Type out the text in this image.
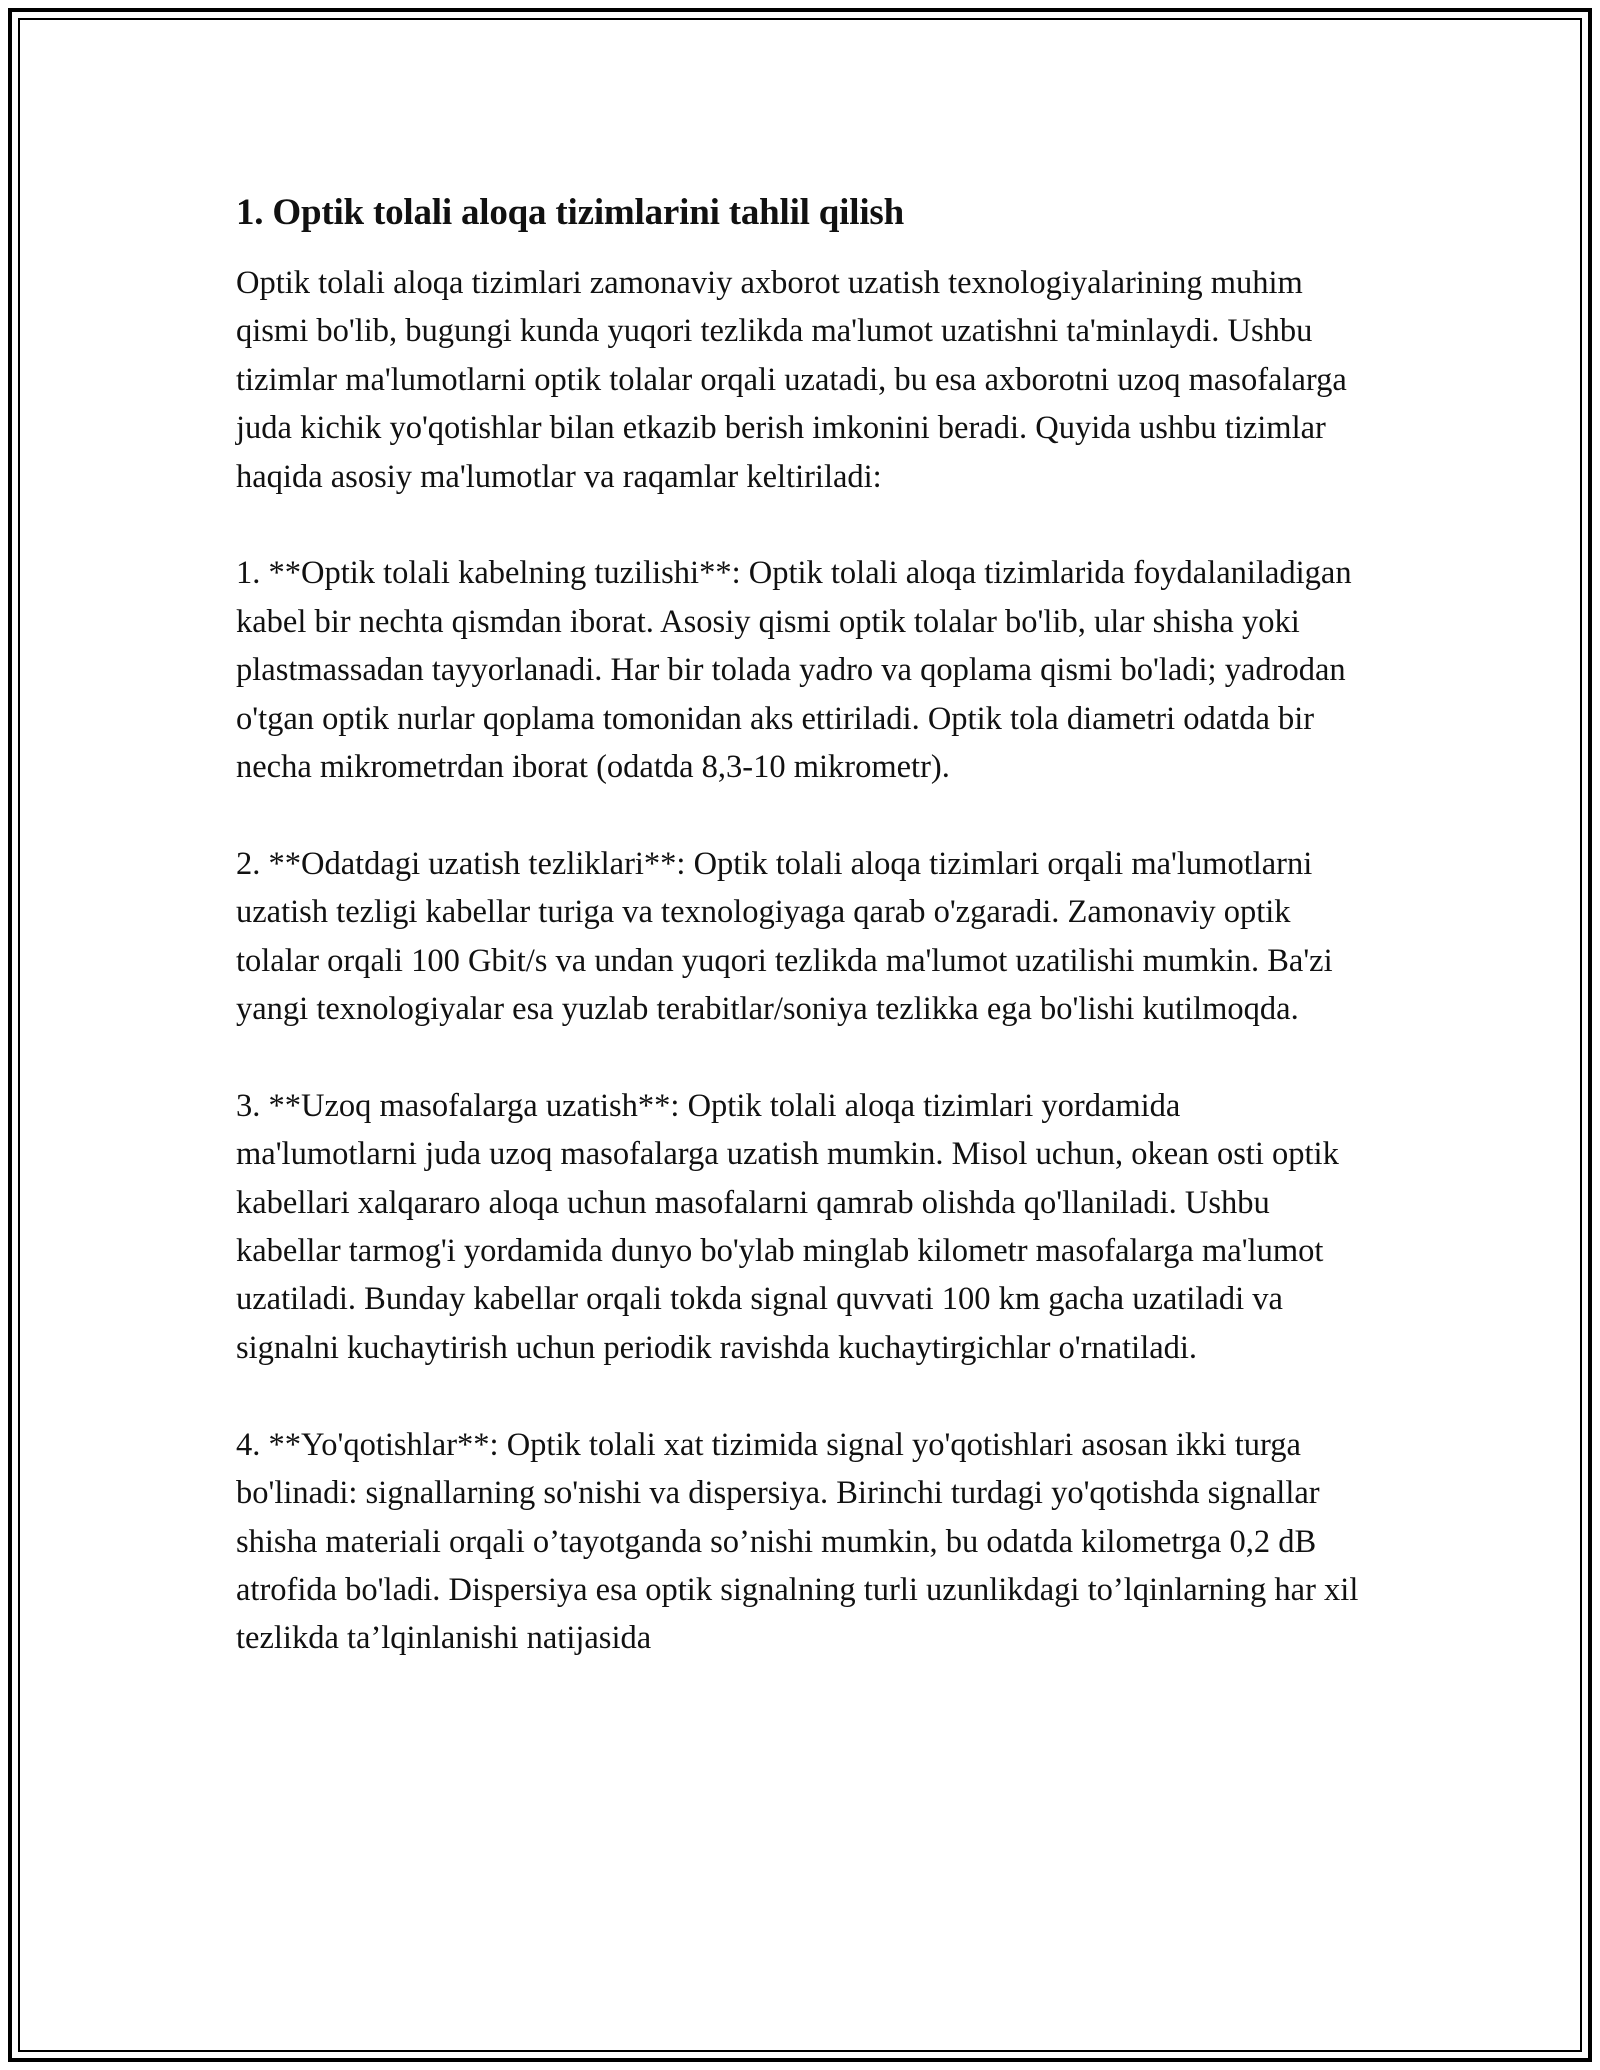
1. Optik tolali aloqa tizimlarini tahlil qilish

Optik tolali aloqa tizimlari zamonaviy axborot uzatish texnologiyalarining muhim qismi bo'lib, bugungi kunda yuqori tezlikda ma'lumot uzatishni ta'minlaydi. Ushbu tizimlar ma'lumotlarni optik tolalar orqali uzatadi, bu esa axborotni uzoq masofalarga juda kichik yo'qotishlar bilan etkazib berish imkonini beradi. Quyida ushbu tizimlar haqida asosiy ma'lumotlar va raqamlar keltiriladi:

1. **Optik tolali kabelning tuzilishi**: Optik tolali aloqa tizimlarida foydalaniladigan kabel bir nechta qismdan iborat. Asosiy qismi optik tolalar bo'lib, ular shisha yoki plastmassadan tayyorlanadi. Har bir tolada yadro va qoplama qismi bo'ladi; yadrodan o'tgan optik nurlar qoplama tomonidan aks ettiriladi. Optik tola diametri odatda bir necha mikrometrdan iborat (odatda 8,3-10 mikrometr).

2. **Odatdagi uzatish tezliklari**: Optik tolali aloqa tizimlari orqali ma'lumotlarni uzatish tezligi kabellar turiga va texnologiyaga qarab o'zgaradi. Zamonaviy optik tolalar orqali 100 Gbit/s va undan yuqori tezlikda ma'lumot uzatilishi mumkin. Ba'zi yangi texnologiyalar esa yuzlab terabitlar/soniya tezlikka ega bo'lishi kutilmoqda.

3. **Uzoq masofalarga uzatish**: Optik tolali aloqa tizimlari yordamida ma'lumotlarni juda uzoq masofalarga uzatish mumkin. Misol uchun, okean osti optik kabellari xalqararo aloqa uchun masofalarni qamrab olishda qo'llaniladi. Ushbu kabellar tarmog'i yordamida dunyo bo'ylab minglab kilometr masofalarga ma'lumot uzatiladi. Bunday kabellar orqali tokda signal quvvati 100 km gacha uzatiladi va signalni kuchaytirish uchun periodik ravishda kuchaytirgichlar o'rnatiladi.

4. **Yo'qotishlar**: Optik tolali xat tizimida signal yo'qotishlari asosan ikki turga bo'linadi: signallarning so'nishi va dispersiya. Birinchi turdagi yo'qotishda signallar shisha materiali orqali o’tayotganda so’nishi mumkin, bu odatda kilometrga 0,2 dB atrofida bo'ladi. Dispersiya esa optik signalning turli uzunlikdagi to’lqinlarning har xil tezlikda ta’lqinlanishi natijasida
